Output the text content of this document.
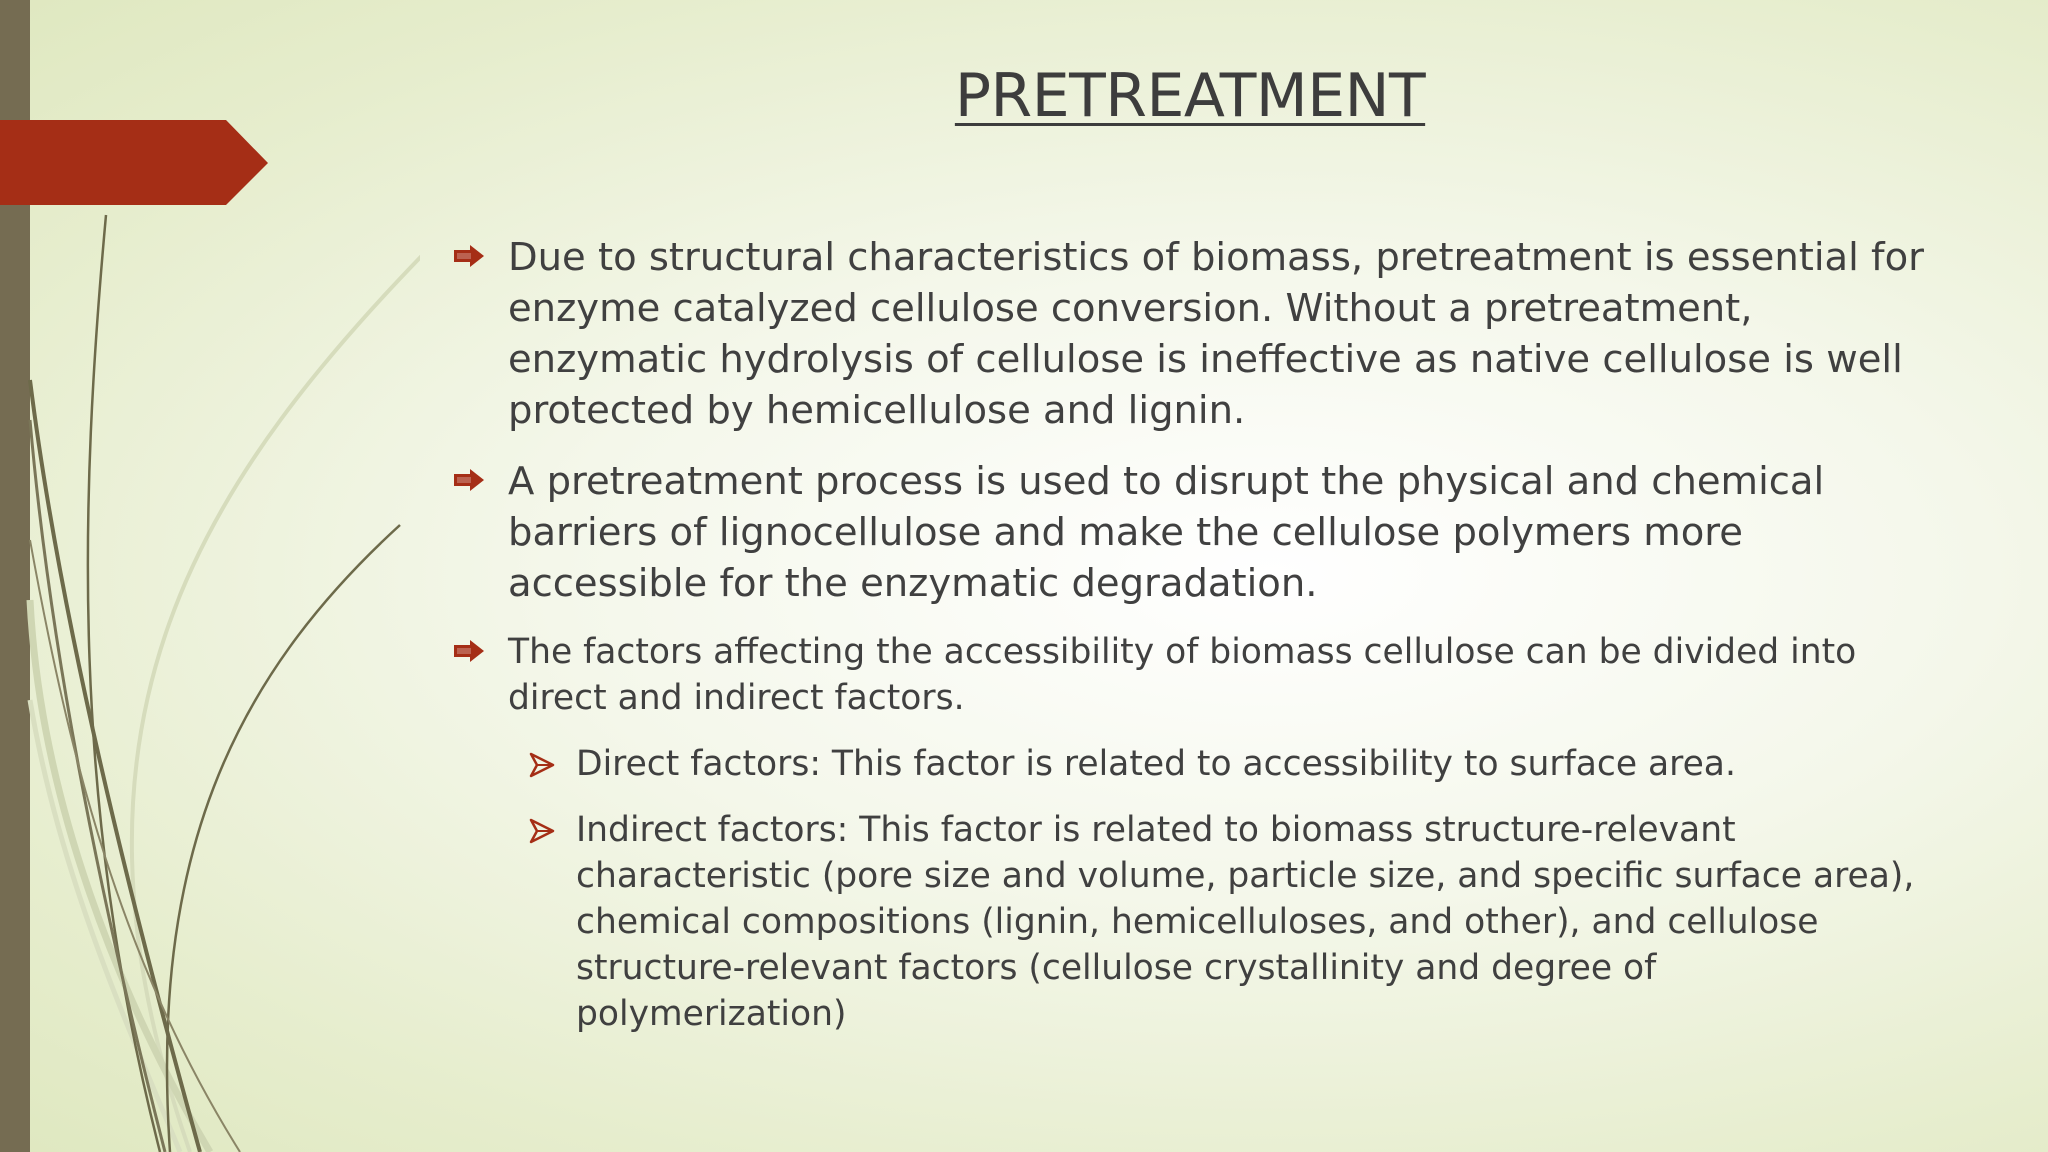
PRETREATMENT
Due to structural characteristics of biomass, pretreatment is essential for enzyme catalyzed cellulose conversion. Without a pretreatment, enzymatic hydrolysis of cellulose is ineffective as native cellulose is well protected by hemicellulose and lignin.
A pretreatment process is used to disrupt the physical and chemical barriers of lignocellulose and make the cellulose polymers more accessible for the enzymatic degradation.
The factors affecting the accessibility of biomass cellulose can be divided into direct and indirect factors.
Direct factors: This factor is related to accessibility to surface area.
Indirect factors: This factor is related to biomass structure-relevant characteristic (pore size and volume, particle size, and specific surface area), chemical compositions (lignin, hemicelluloses, and other), and cellulose structure-relevant factors (cellulose crystallinity and degree of polymerization)
